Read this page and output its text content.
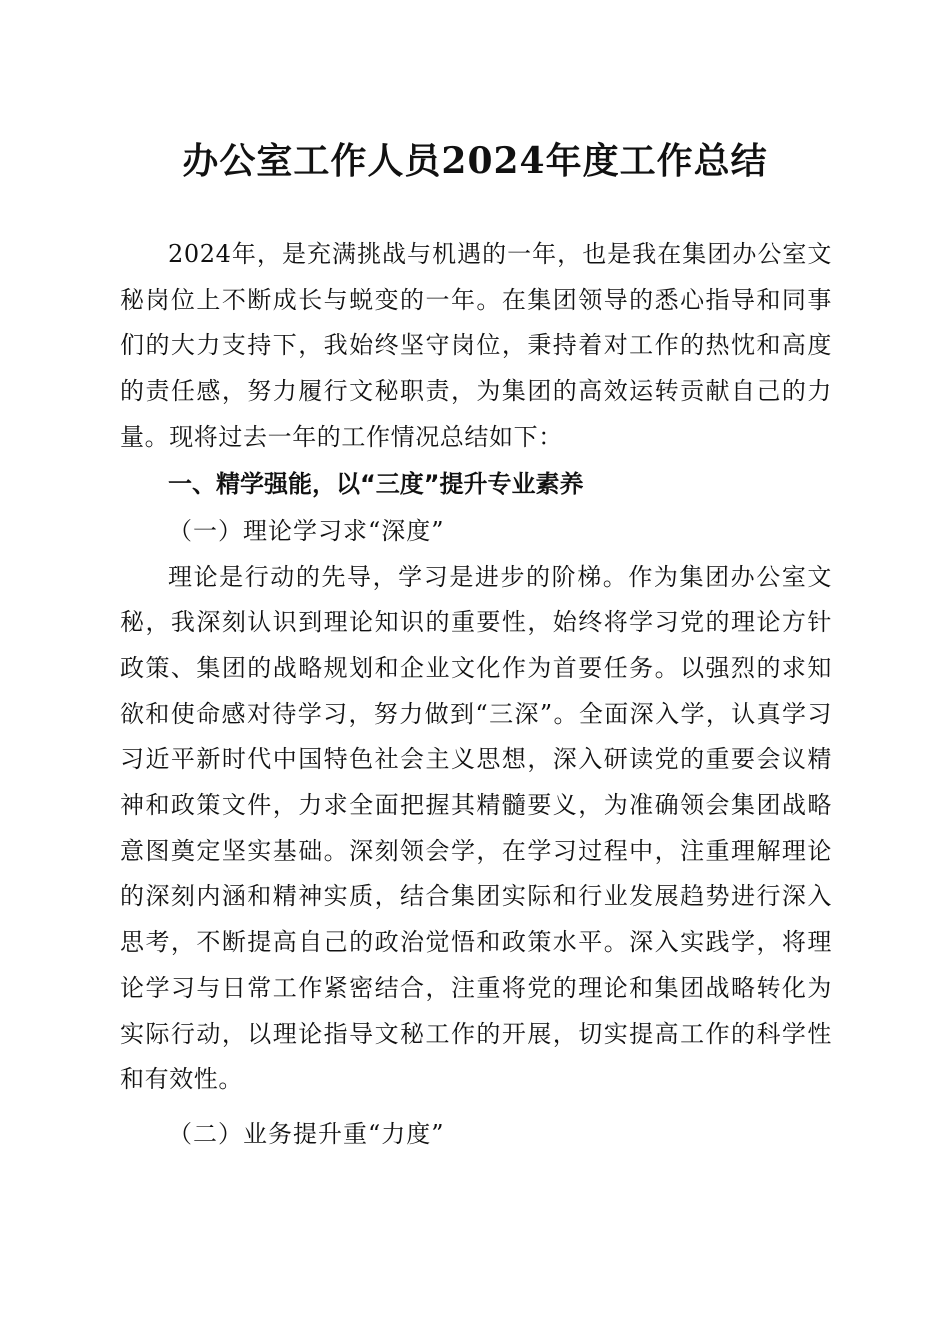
办公室工作人员2024年度工作总结

2024年，是充满挑战与机遇的一年，也是我在集团办公室文秘岗位上不断成长与蜕变的一年。在集团领导的悉心指导和同事们的大力支持下，我始终坚守岗位，秉持着对工作的热忱和高度的责任感，努力履行文秘职责，为集团的高效运转贡献自己的力量。现将过去一年的工作情况总结如下：

一、精学强能，以“三度”提升专业素养

（一）理论学习求“深度”

理论是行动的先导，学习是进步的阶梯。作为集团办公室文秘，我深刻认识到理论知识的重要性，始终将学习党的理论方针政策、集团的战略规划和企业文化作为首要任务。以强烈的求知欲和使命感对待学习，努力做到“三深”。全面深入学，认真学习习近平新时代中国特色社会主义思想，深入研读党的重要会议精神和政策文件，力求全面把握其精髓要义，为准确领会集团战略意图奠定坚实基础。深刻领会学，在学习过程中，注重理解理论的深刻内涵和精神实质，结合集团实际和行业发展趋势进行深入思考，不断提高自己的政治觉悟和政策水平。深入实践学，将理论学习与日常工作紧密结合，注重将党的理论和集团战略转化为实际行动，以理论指导文秘工作的开展，切实提高工作的科学性和有效性。

（二）业务提升重“力度”
